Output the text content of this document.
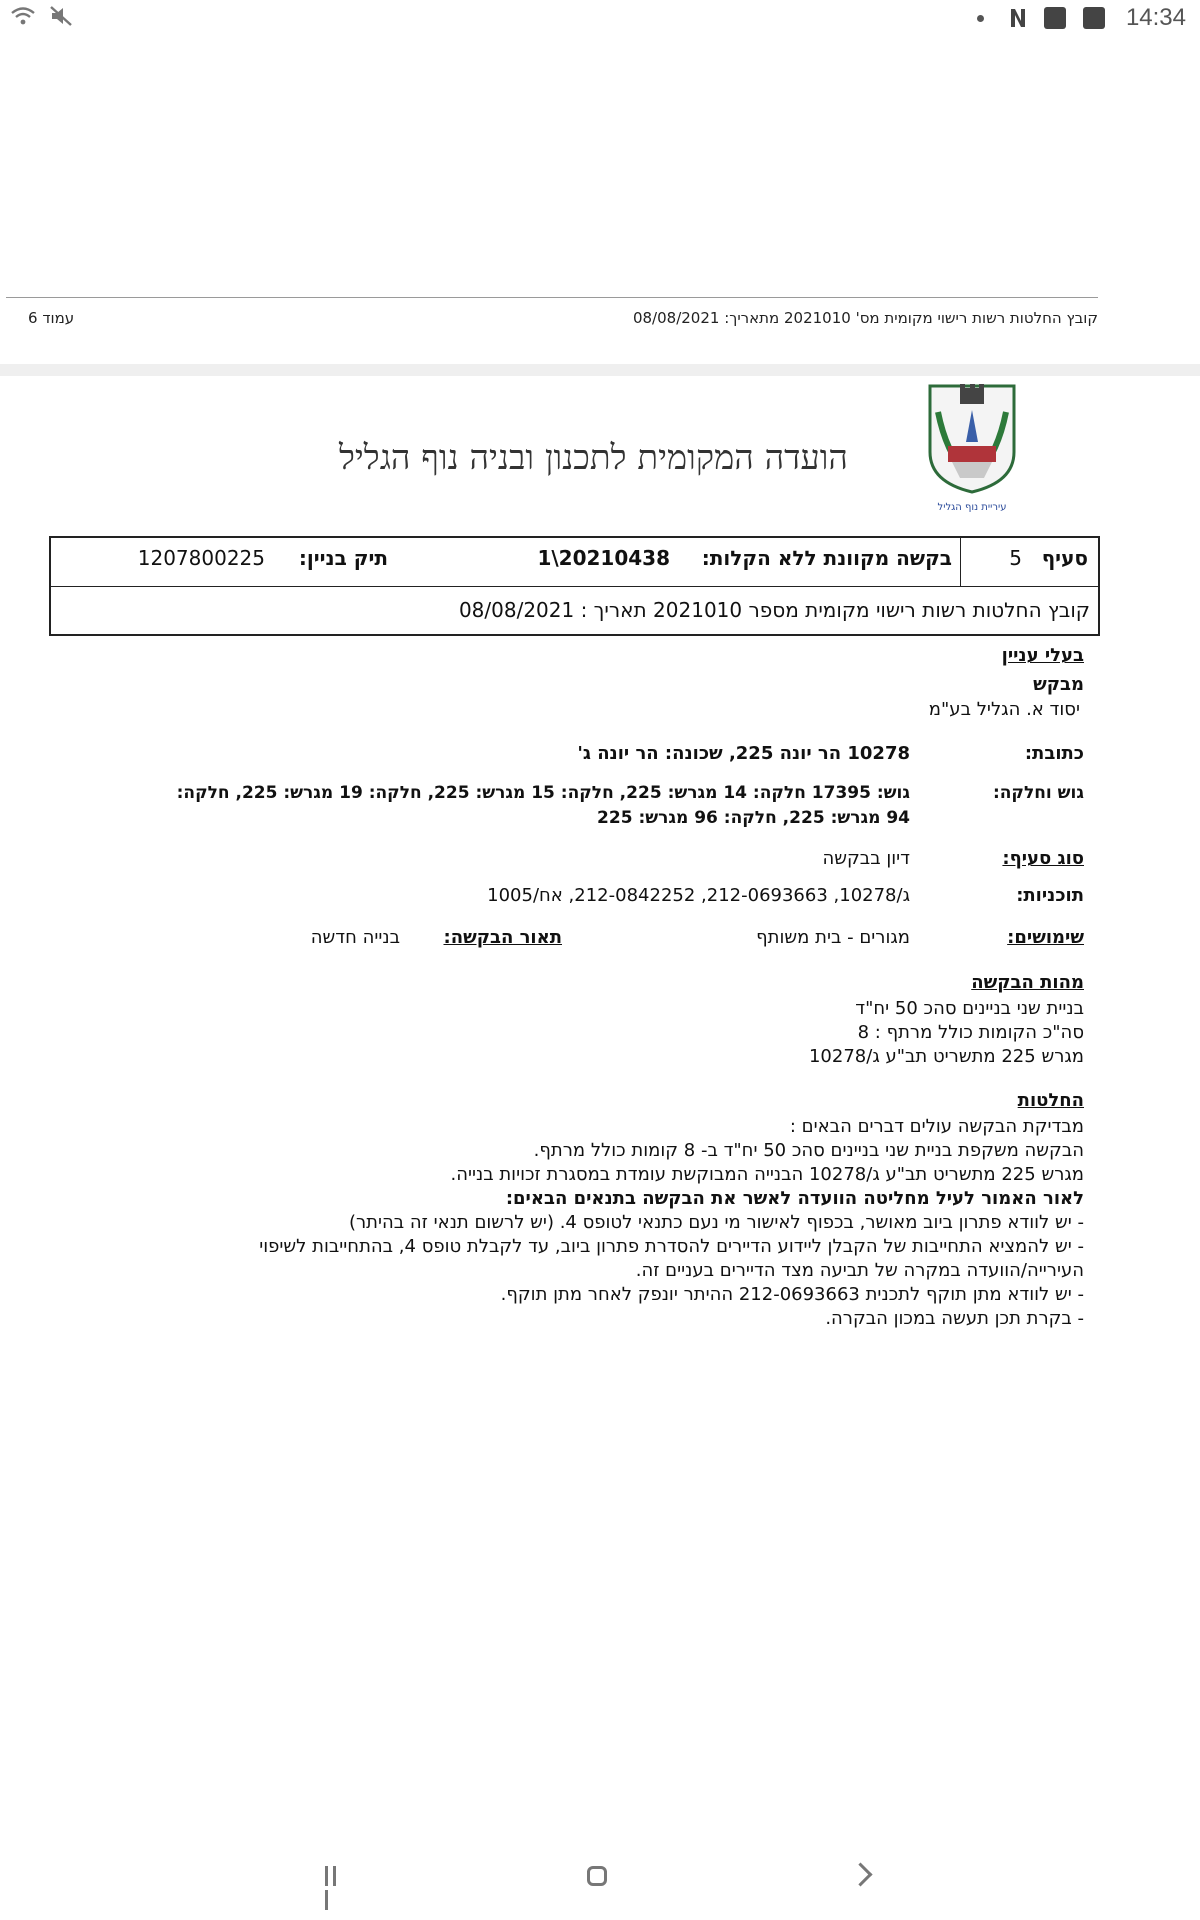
14:34
עמוד 6	קובץ החלטות רשות רישוי מקומית מס' 2021010 מתאריך: 08/08/2021
הועדה המקומית לתכנון ובניה נוף הגליל
עיריית נוף הגליל
סעיף
5
בקשה מקוונת ללא הקלות:
20210438\1
תיק בניין:
1207800225
קובץ החלטות רשות רישוי מקומית מספר 2021010 תאריך : 08/08/2021
בעלי עניין
מבקש
יסוד א. הגליל בע"מ
כתובת:
10278 הר יונה 225, שכונה: הר יונה ג'
גוש וחלקה:
גוש: 17395 חלקה: 14 מגרש: 225, חלקה: 15 מגרש: 225, חלקה: 19 מגרש: 225, חלקה:
94 מגרש: 225, חלקה: 96 מגרש: 225
סוג סעיף:
דיון בבקשה
תוכניות:
ג/10278, 212-0693663, 212-0842252, אח/1005
שימושים:
מגורים - בית משותף
תאור הבקשה:
בנייה חדשה
מהות הבקשה
בניית שני בניינים סהכ 50 יח"ד
סה"כ הקומות כולל מרתף : 8
מגרש 225 מתשריט תב"ע ג/10278
החלטות
מבדיקת הבקשה עולים דברים הבאים :
הבקשה משקפת בניית שני בניינים סהכ 50 יח"ד ב- 8 קומות כולל מרתף.
מגרש 225 מתשריט תב"ע ג/10278 הבנייה המבוקשת עומדת במסגרת זכויות בנייה.
לאור האמור לעיל מחליטה הוועדה לאשר את הבקשה בתנאים הבאים:
- יש לוודא פתרון ביוב מאושר, בכפוף לאישור מי נעם כתנאי לטופס 4. (יש לרשום תנאי זה בהיתר)
- יש להמציא התחייבות של הקבלן ליידוע הדיירים להסדרת פתרון ביוב, עד לקבלת טופס 4, בהתחייבות לשיפוי
העירייה/הוועדה במקרה של תביעה מצד הדיירים בעניים זה.
- יש לוודא מתן תוקף לתכנית 212-0693663 ההיתר יונפק לאחר מתן תוקף.
- בקרת תכן תעשה במכון הבקרה.
